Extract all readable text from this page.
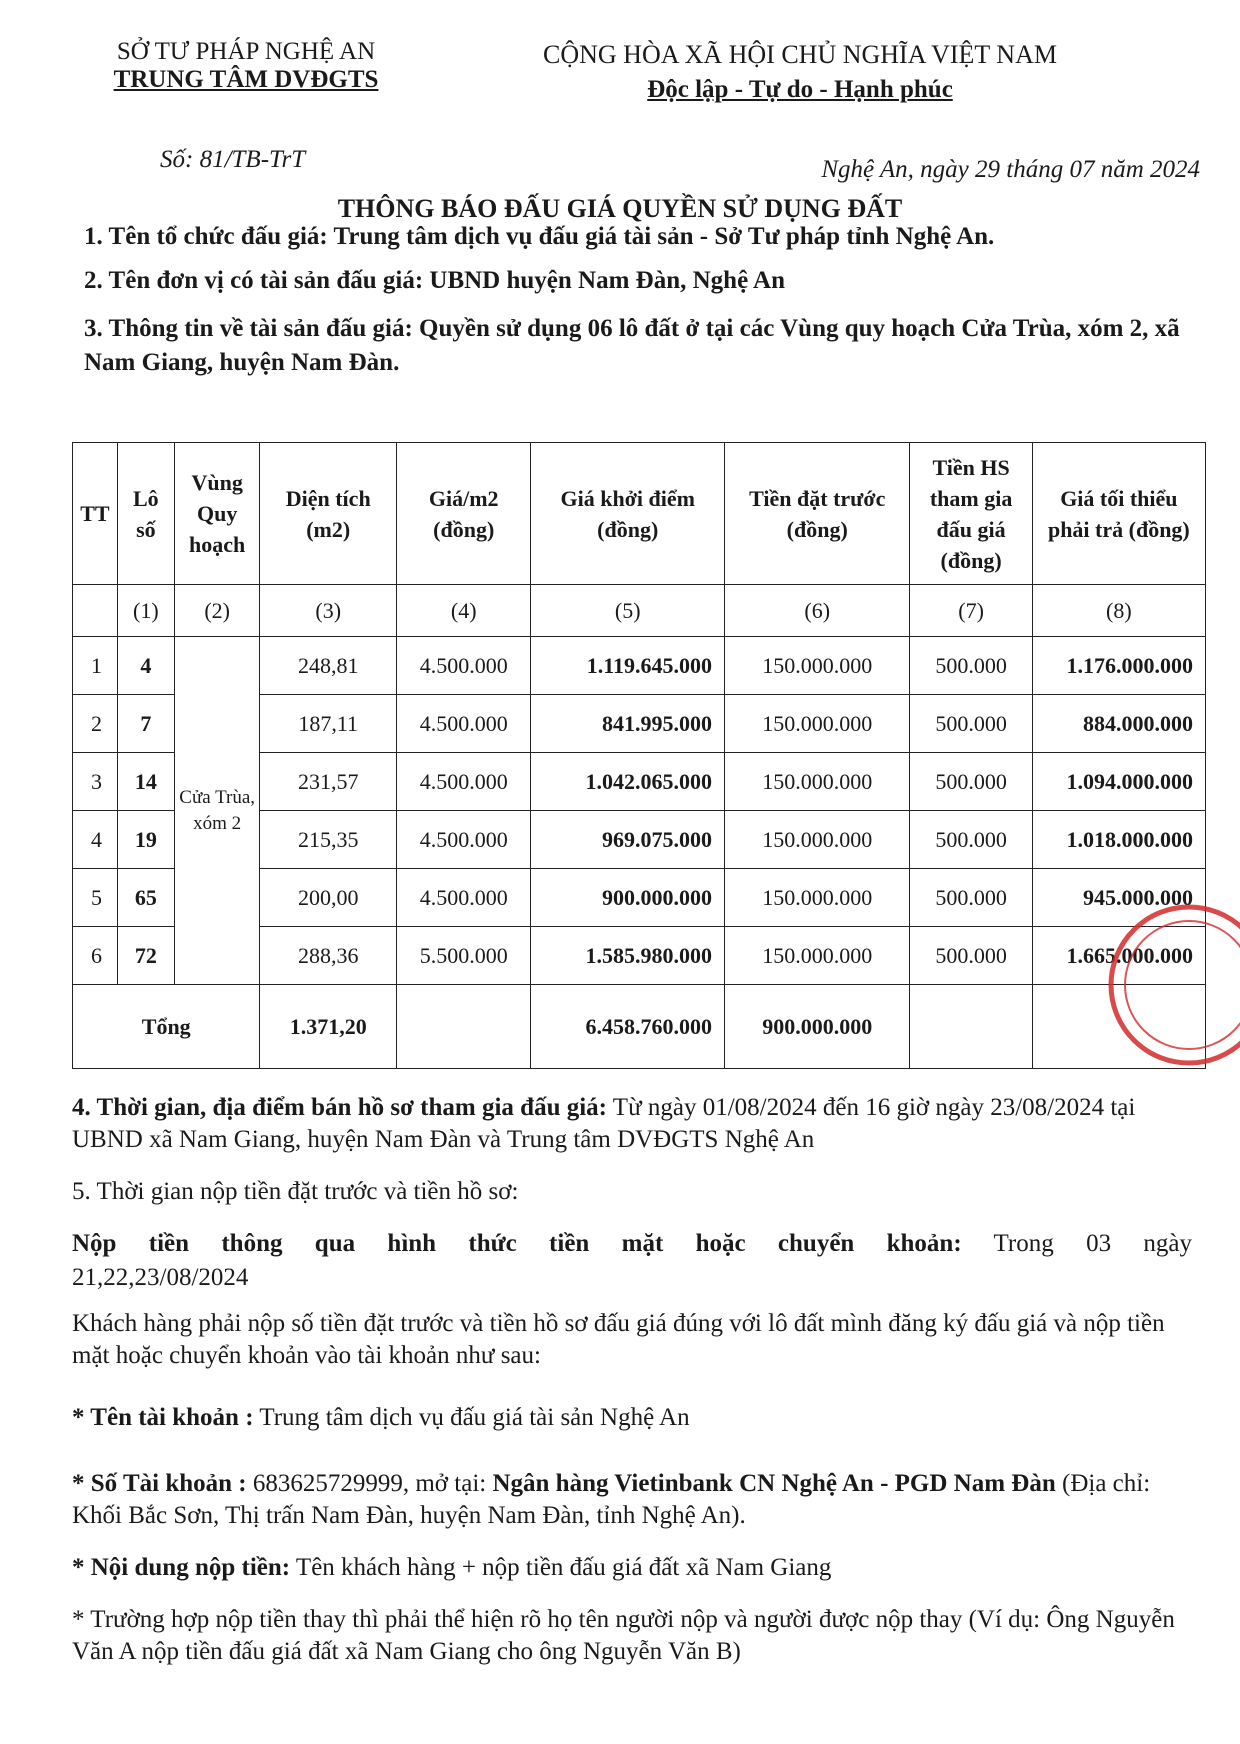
SỞ TƯ PHÁP NGHỆ AN
TRUNG TÂM DVĐGTS
CỘNG HÒA XÃ HỘI CHỦ NGHĨA VIỆT NAM
Độc lập - Tự do - Hạnh phúc
Số: 81/TB-TrT	Nghệ An, ngày 29 tháng 07 năm 2024
THÔNG BÁO ĐẤU GIÁ QUYỀN SỬ DỤNG ĐẤT
1. Tên tổ chức đấu giá: Trung tâm dịch vụ đấu giá tài sản - Sở Tư pháp tỉnh Nghệ An.
2. Tên đơn vị có tài sản đấu giá: UBND huyện Nam Đàn, Nghệ An
3. Thông tin về tài sản đấu giá: Quyền sử dụng 06 lô đất ở tại các Vùng quy hoạch Cửa Trùa, xóm 2, xã Nam Giang, huyện Nam Đàn.
TT	Lô số	Vùng Quy hoạch	Diện tích (m2)	Giá/m2 (đồng)	Giá khởi điểm (đồng)	Tiền đặt trước (đồng)	Tiền HS tham gia đấu giá (đồng)	Giá tối thiểu phải trả (đồng)
	(1)	(2)	(3)	(4)	(5)	(6)	(7)	(8)
1	4	Cửa Trùa, xóm 2	248,81	4.500.000	1.119.645.000	150.000.000	500.000	1.176.000.000
2	7		187,11	4.500.000	841.995.000	150.000.000	500.000	884.000.000
3	14		231,57	4.500.000	1.042.065.000	150.000.000	500.000	1.094.000.000
4	19		215,35	4.500.000	969.075.000	150.000.000	500.000	1.018.000.000
5	65		200,00	4.500.000	900.000.000	150.000.000	500.000	945.000.000
6	72		288,36	5.500.000	1.585.980.000	150.000.000	500.000	1.665.000.000
Tổng			1.371,20		6.458.760.000	900.000.000		
4. Thời gian, địa điểm bán hồ sơ tham gia đấu giá: Từ ngày 01/08/2024 đến 16 giờ ngày 23/08/2024 tại UBND xã Nam Giang, huyện Nam Đàn và Trung tâm DVĐGTS Nghệ An
5. Thời gian nộp tiền đặt trước và tiền hồ sơ:
Nộp tiền thông qua hình thức tiền mặt hoặc chuyển khoản: Trong 03 ngày
21,22,23/08/2024
Khách hàng phải nộp số tiền đặt trước và tiền hồ sơ đấu giá đúng với lô đất mình đăng ký đấu giá và nộp tiền mặt hoặc chuyển khoản vào tài khoản như sau:
* Tên tài khoản : Trung tâm dịch vụ đấu giá tài sản Nghệ An
* Số Tài khoản : 683625729999, mở tại: Ngân hàng Vietinbank CN Nghệ An - PGD Nam Đàn (Địa chỉ: Khối Bắc Sơn, Thị trấn Nam Đàn, huyện Nam Đàn, tỉnh Nghệ An).
* Nội dung nộp tiền: Tên khách hàng + nộp tiền đấu giá đất xã Nam Giang
* Trường hợp nộp tiền thay thì phải thể hiện rõ họ tên người nộp và người được nộp thay (Ví dụ: Ông Nguyễn Văn A nộp tiền đấu giá đất xã Nam Giang cho ông Nguyễn Văn B)
